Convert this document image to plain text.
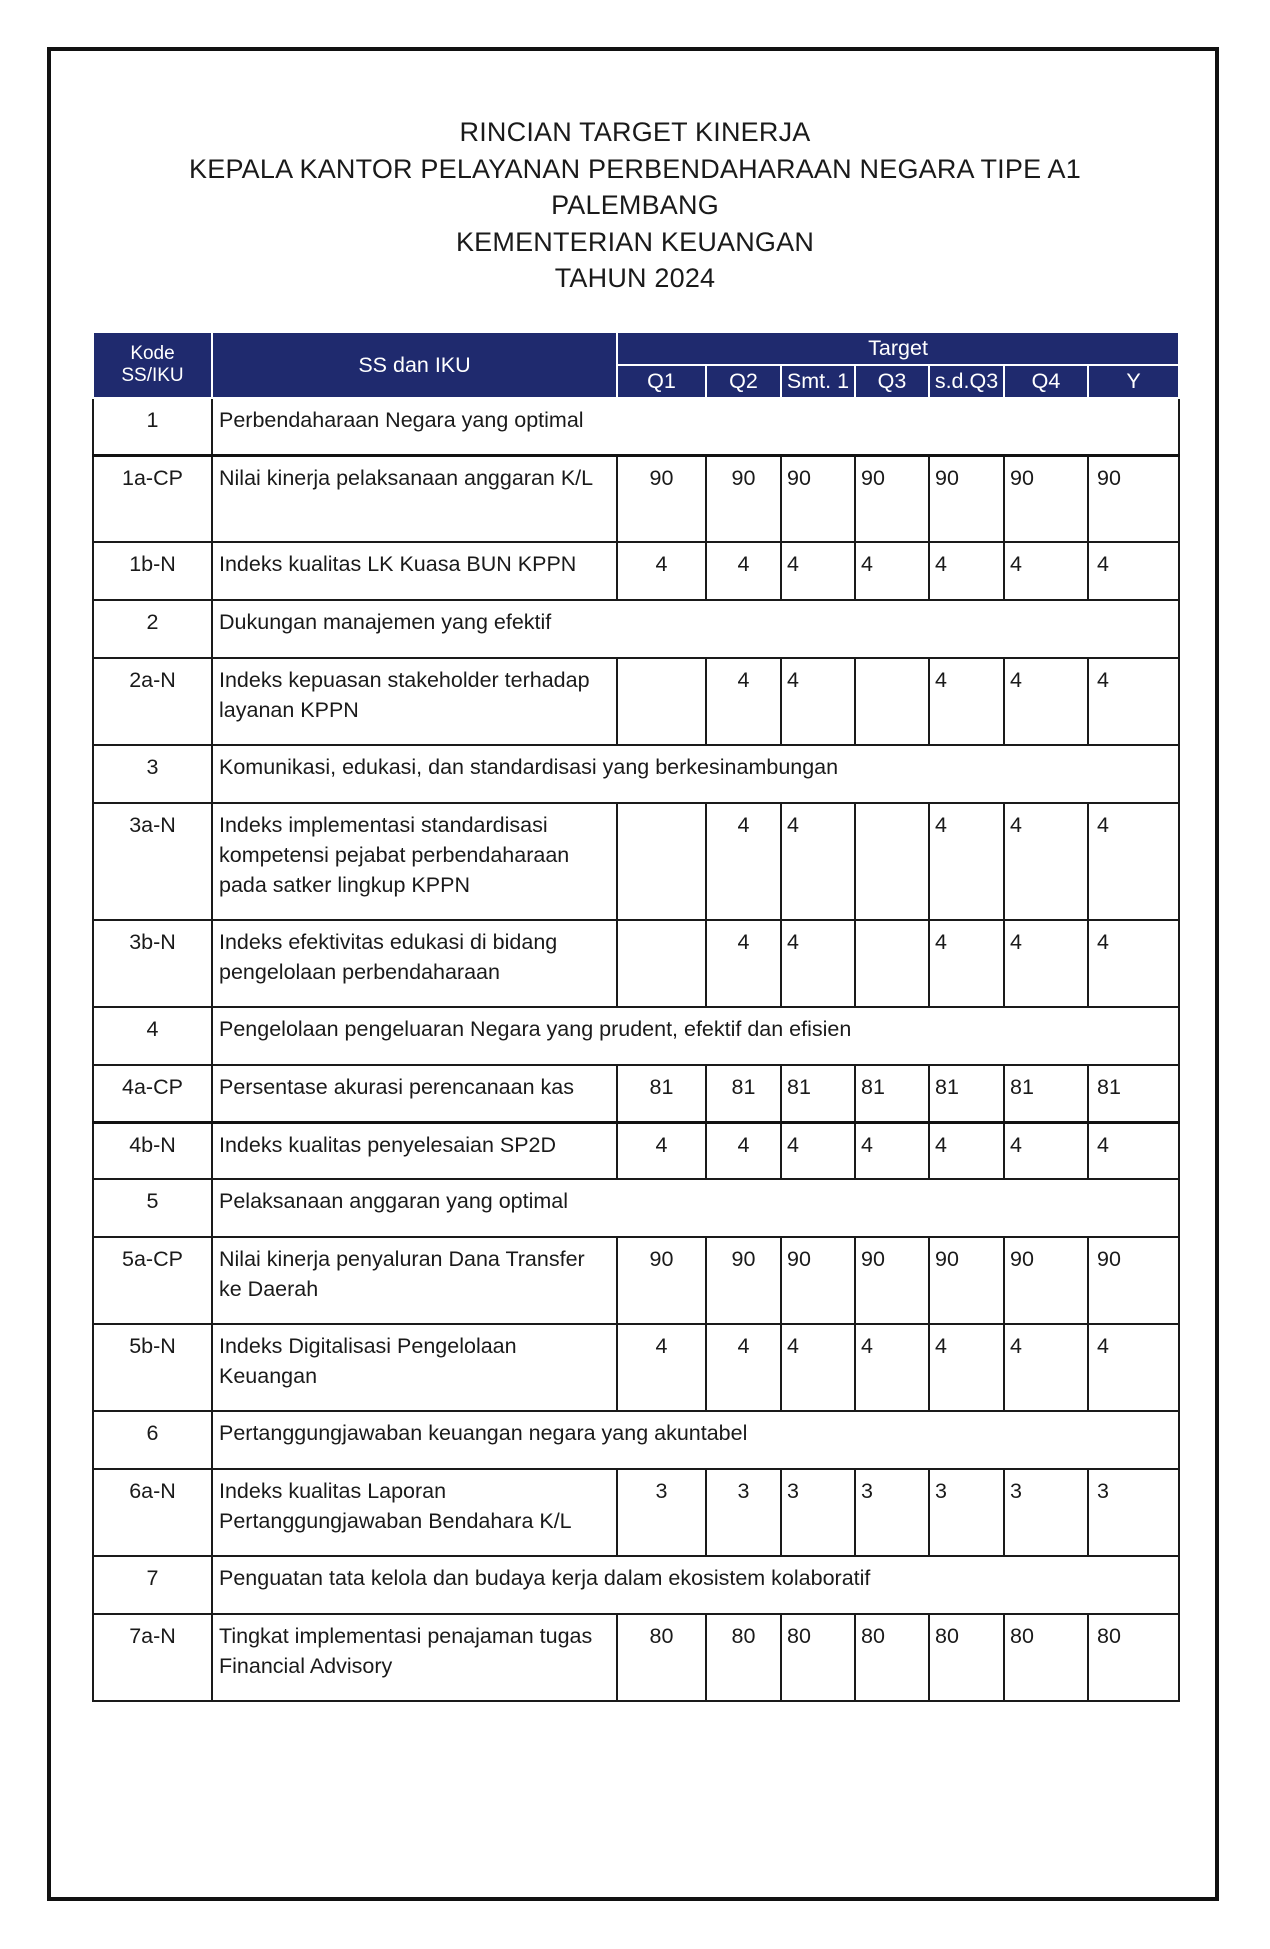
RINCIAN TARGET KINERJA
KEPALA KANTOR PELAYANAN PERBENDAHARAAN NEGARA TIPE A1
PALEMBANG
KEMENTERIAN KEUANGAN
TAHUN 2024
Kode
SS/IKU	SS dan IKU	Target						
		Q1	Q2	Smt. 1	Q3	s.d.Q3	Q4	Y
1	Perbendaharaan Negara yang optimal							
1a-CP	Nilai kinerja pelaksanaan anggaran K/L	90	90	90	90	90	90	90
1b-N	Indeks kualitas LK Kuasa BUN KPPN	4	4	4	4	4	4	4
2	Dukungan manajemen yang efektif							
2a-N	Indeks kepuasan stakeholder terhadap layanan KPPN		4	4		4	4	4
3	Komunikasi, edukasi, dan standardisasi yang berkesinambungan							
3a-N	Indeks implementasi standardisasi kompetensi pejabat perbendaharaan pada satker lingkup KPPN		4	4		4	4	4
3b-N	Indeks efektivitas edukasi di bidang pengelolaan perbendaharaan		4	4		4	4	4
4	Pengelolaan pengeluaran Negara yang prudent, efektif dan efisien							
4a-CP	Persentase akurasi perencanaan kas	81	81	81	81	81	81	81
4b-N	Indeks kualitas penyelesaian SP2D	4	4	4	4	4	4	4
5	Pelaksanaan anggaran yang optimal							
5a-CP	Nilai kinerja penyaluran Dana Transfer ke Daerah	90	90	90	90	90	90	90
5b-N	Indeks Digitalisasi Pengelolaan Keuangan	4	4	4	4	4	4	4
6	Pertanggungjawaban keuangan negara yang akuntabel							
6a-N	Indeks kualitas Laporan Pertanggungjawaban Bendahara K/L	3	3	3	3	3	3	3
7	Penguatan tata kelola dan budaya kerja dalam ekosistem kolaboratif							
7a-N	Tingkat implementasi penajaman tugas Financial Advisory	80	80	80	80	80	80	80
